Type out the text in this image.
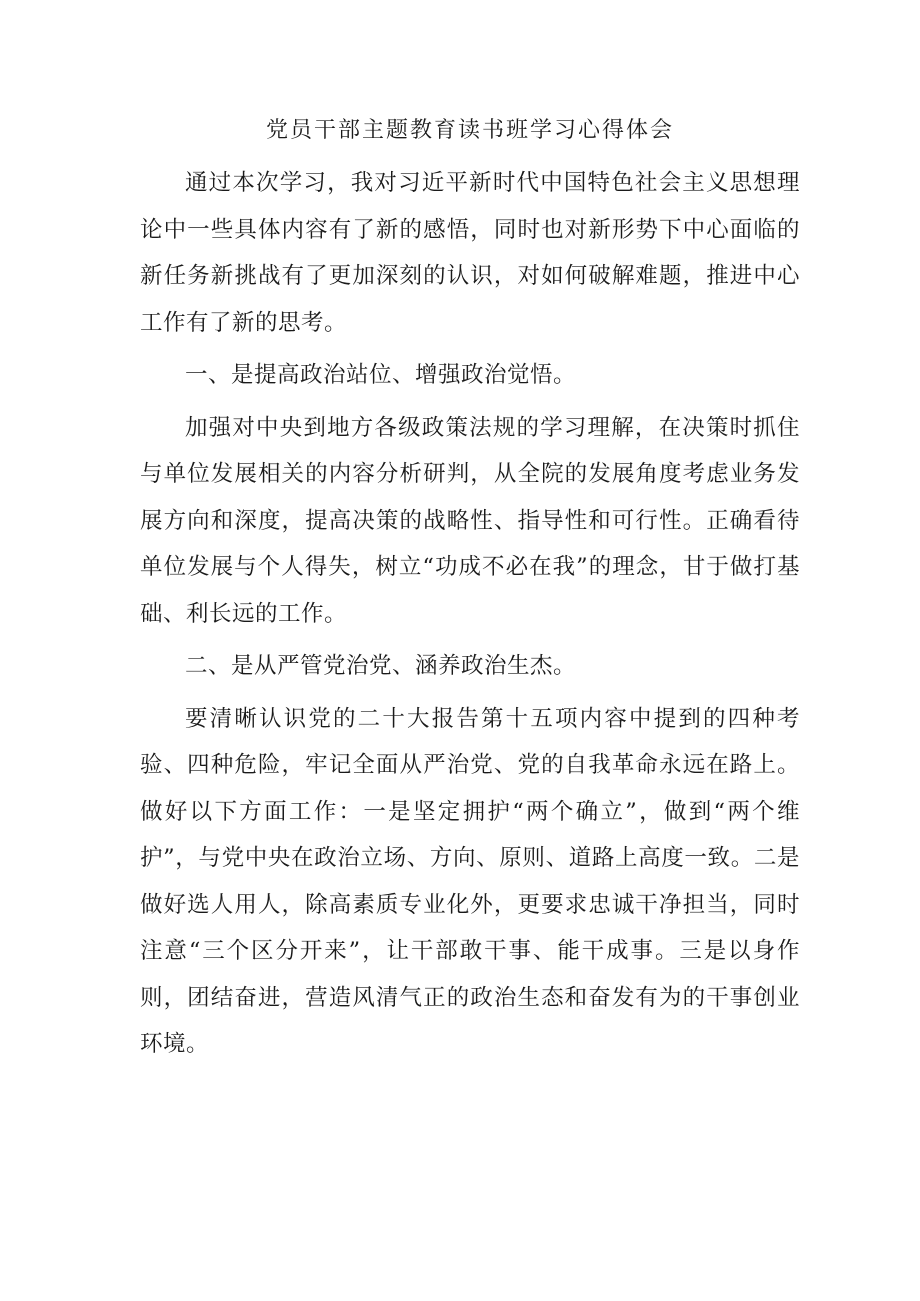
党员干部主题教育读书班学习心得体会

通过本次学习，我对习近平新时代中国特色社会主义思想理论中一些具体内容有了新的感悟，同时也对新形势下中心面临的新任务新挑战有了更加深刻的认识，对如何破解难题，推进中心工作有了新的思考。

一、是提高政治站位、增强政治觉悟。

加强对中央到地方各级政策法规的学习理解，在决策时抓住与单位发展相关的内容分析研判，从全院的发展角度考虑业务发展方向和深度，提高决策的战略性、指导性和可行性。正确看待单位发展与个人得失，树立“功成不必在我”的理念，甘于做打基础、利长远的工作。

二、是从严管党治党、涵养政治生杰。

要清晰认识党的二十大报告第十五项内容中提到的四种考验、四种危险，牢记全面从严治党、党的自我革命永远在路上。做好以下方面工作：一是坚定拥护“两个确立”，做到“两个维护”，与党中央在政治立场、方向、原则、道路上高度一致。二是做好选人用人，除高素质专业化外，更要求忠诚干净担当，同时注意“三个区分开来”，让干部敢干事、能干成事。三是以身作则，团结奋进，营造风清气正的政治生态和奋发有为的干事创业环境。
